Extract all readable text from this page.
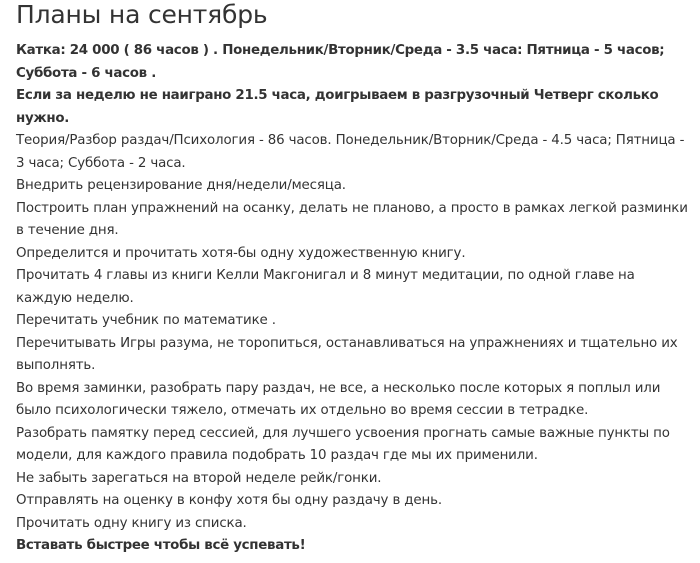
Планы на сентябрь
Катка: 24 000 ( 86 часов ) . Понедельник/Вторник/Среда - 3.5 часа: Пятница - 5 часов; Суббота - 6 часов .
Если за неделю не наиграно 21.5 часа, доигрываем в разгрузочный Четверг сколько нужно.
Теория/Разбор раздач/Психология - 86 часов. Понедельник/Вторник/Среда - 4.5 часа; Пятница - 3 часа; Суббота - 2 часа.
Внедрить рецензирование дня/недели/месяца.
Построить план упражнений на осанку, делать не планово, а просто в рамках легкой разминки в течение дня.
Определится и прочитать хотя-бы одну художественную книгу.
Прочитать 4 главы из книги Келли Макгонигал и 8 минут медитации, по одной главе на каждую неделю.
Перечитать учебник по математике .
Перечитывать Игры разума, не торопиться, останавливаться на упражнениях и тщательно их выполнять.
Во время заминки, разобрать пару раздач, не все, а несколько после которых я поплыл или было психологически тяжело, отмечать их отдельно во время сессии в тетрадке.
Разобрать памятку перед сессией, для лучшего усвоения прогнать самые важные пункты по модели, для каждого правила подобрать 10 раздач где мы их применили.
Не забыть зарегаться на второй неделе рейк/гонки.
Отправлять на оценку в конфу хотя бы одну раздачу в день.
Прочитать одну книгу из списка.
Вставать быстрее чтобы всё успевать!
